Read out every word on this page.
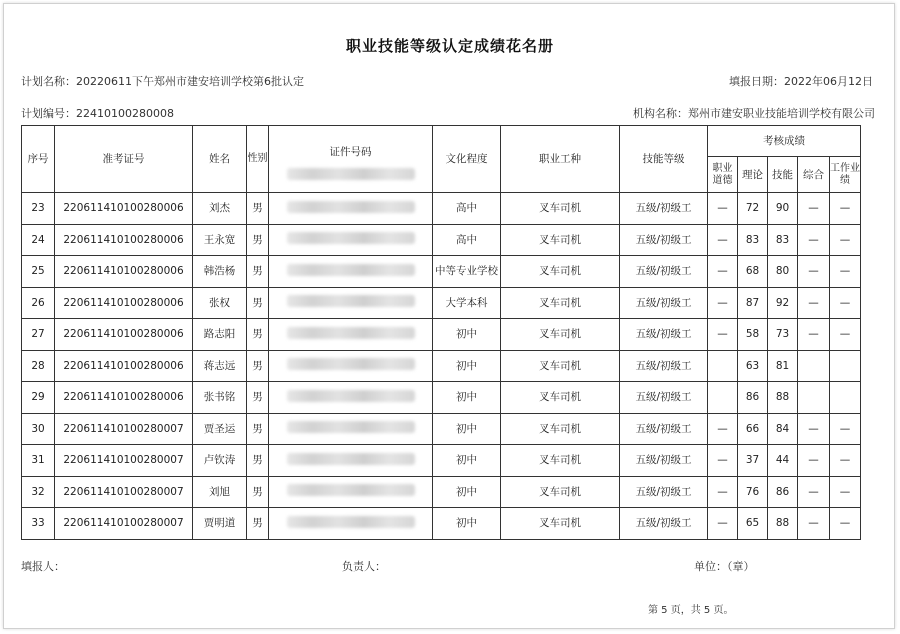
职业技能等级认定成绩花名册
计划名称：20220611下午郑州市建安培训学校第6批认定	填报日期：2022年06月12日
计划编号：22410100280008	机构名称：郑州市建安职业技能培训学校有限公司
序号	准考证号	姓名	性别	证件号码	文化程度	职业工种	技能等级	考核成绩				
								职业道德	理论	技能	综合	工作业绩
23	220611410100280006	刘杰	男		高中	叉车司机	五级/初级工	—	72	90	—	—
24	220611410100280006	王永宽	男		高中	叉车司机	五级/初级工	—	83	83	—	—
25	220611410100280006	韩浩杨	男		中等专业学校	叉车司机	五级/初级工	—	68	80	—	—
26	220611410100280006	张权	男		大学本科	叉车司机	五级/初级工	—	87	92	—	—
27	220611410100280006	路志阳	男		初中	叉车司机	五级/初级工	—	58	73	—	—
28	220611410100280006	蒋志远	男		初中	叉车司机	五级/初级工		63	81		
29	220611410100280006	张书铭	男		初中	叉车司机	五级/初级工		86	88		
30	220611410100280007	贾圣运	男		初中	叉车司机	五级/初级工	—	66	84	—	—
31	220611410100280007	卢钦涛	男		初中	叉车司机	五级/初级工	—	37	44	—	—
32	220611410100280007	刘旭	男		初中	叉车司机	五级/初级工	—	76	86	—	—
33	220611410100280007	贾明道	男		初中	叉车司机	五级/初级工	—	65	88	—	—
填报人：	负责人：	单位：（章）
第 5 页，共 5 页。
